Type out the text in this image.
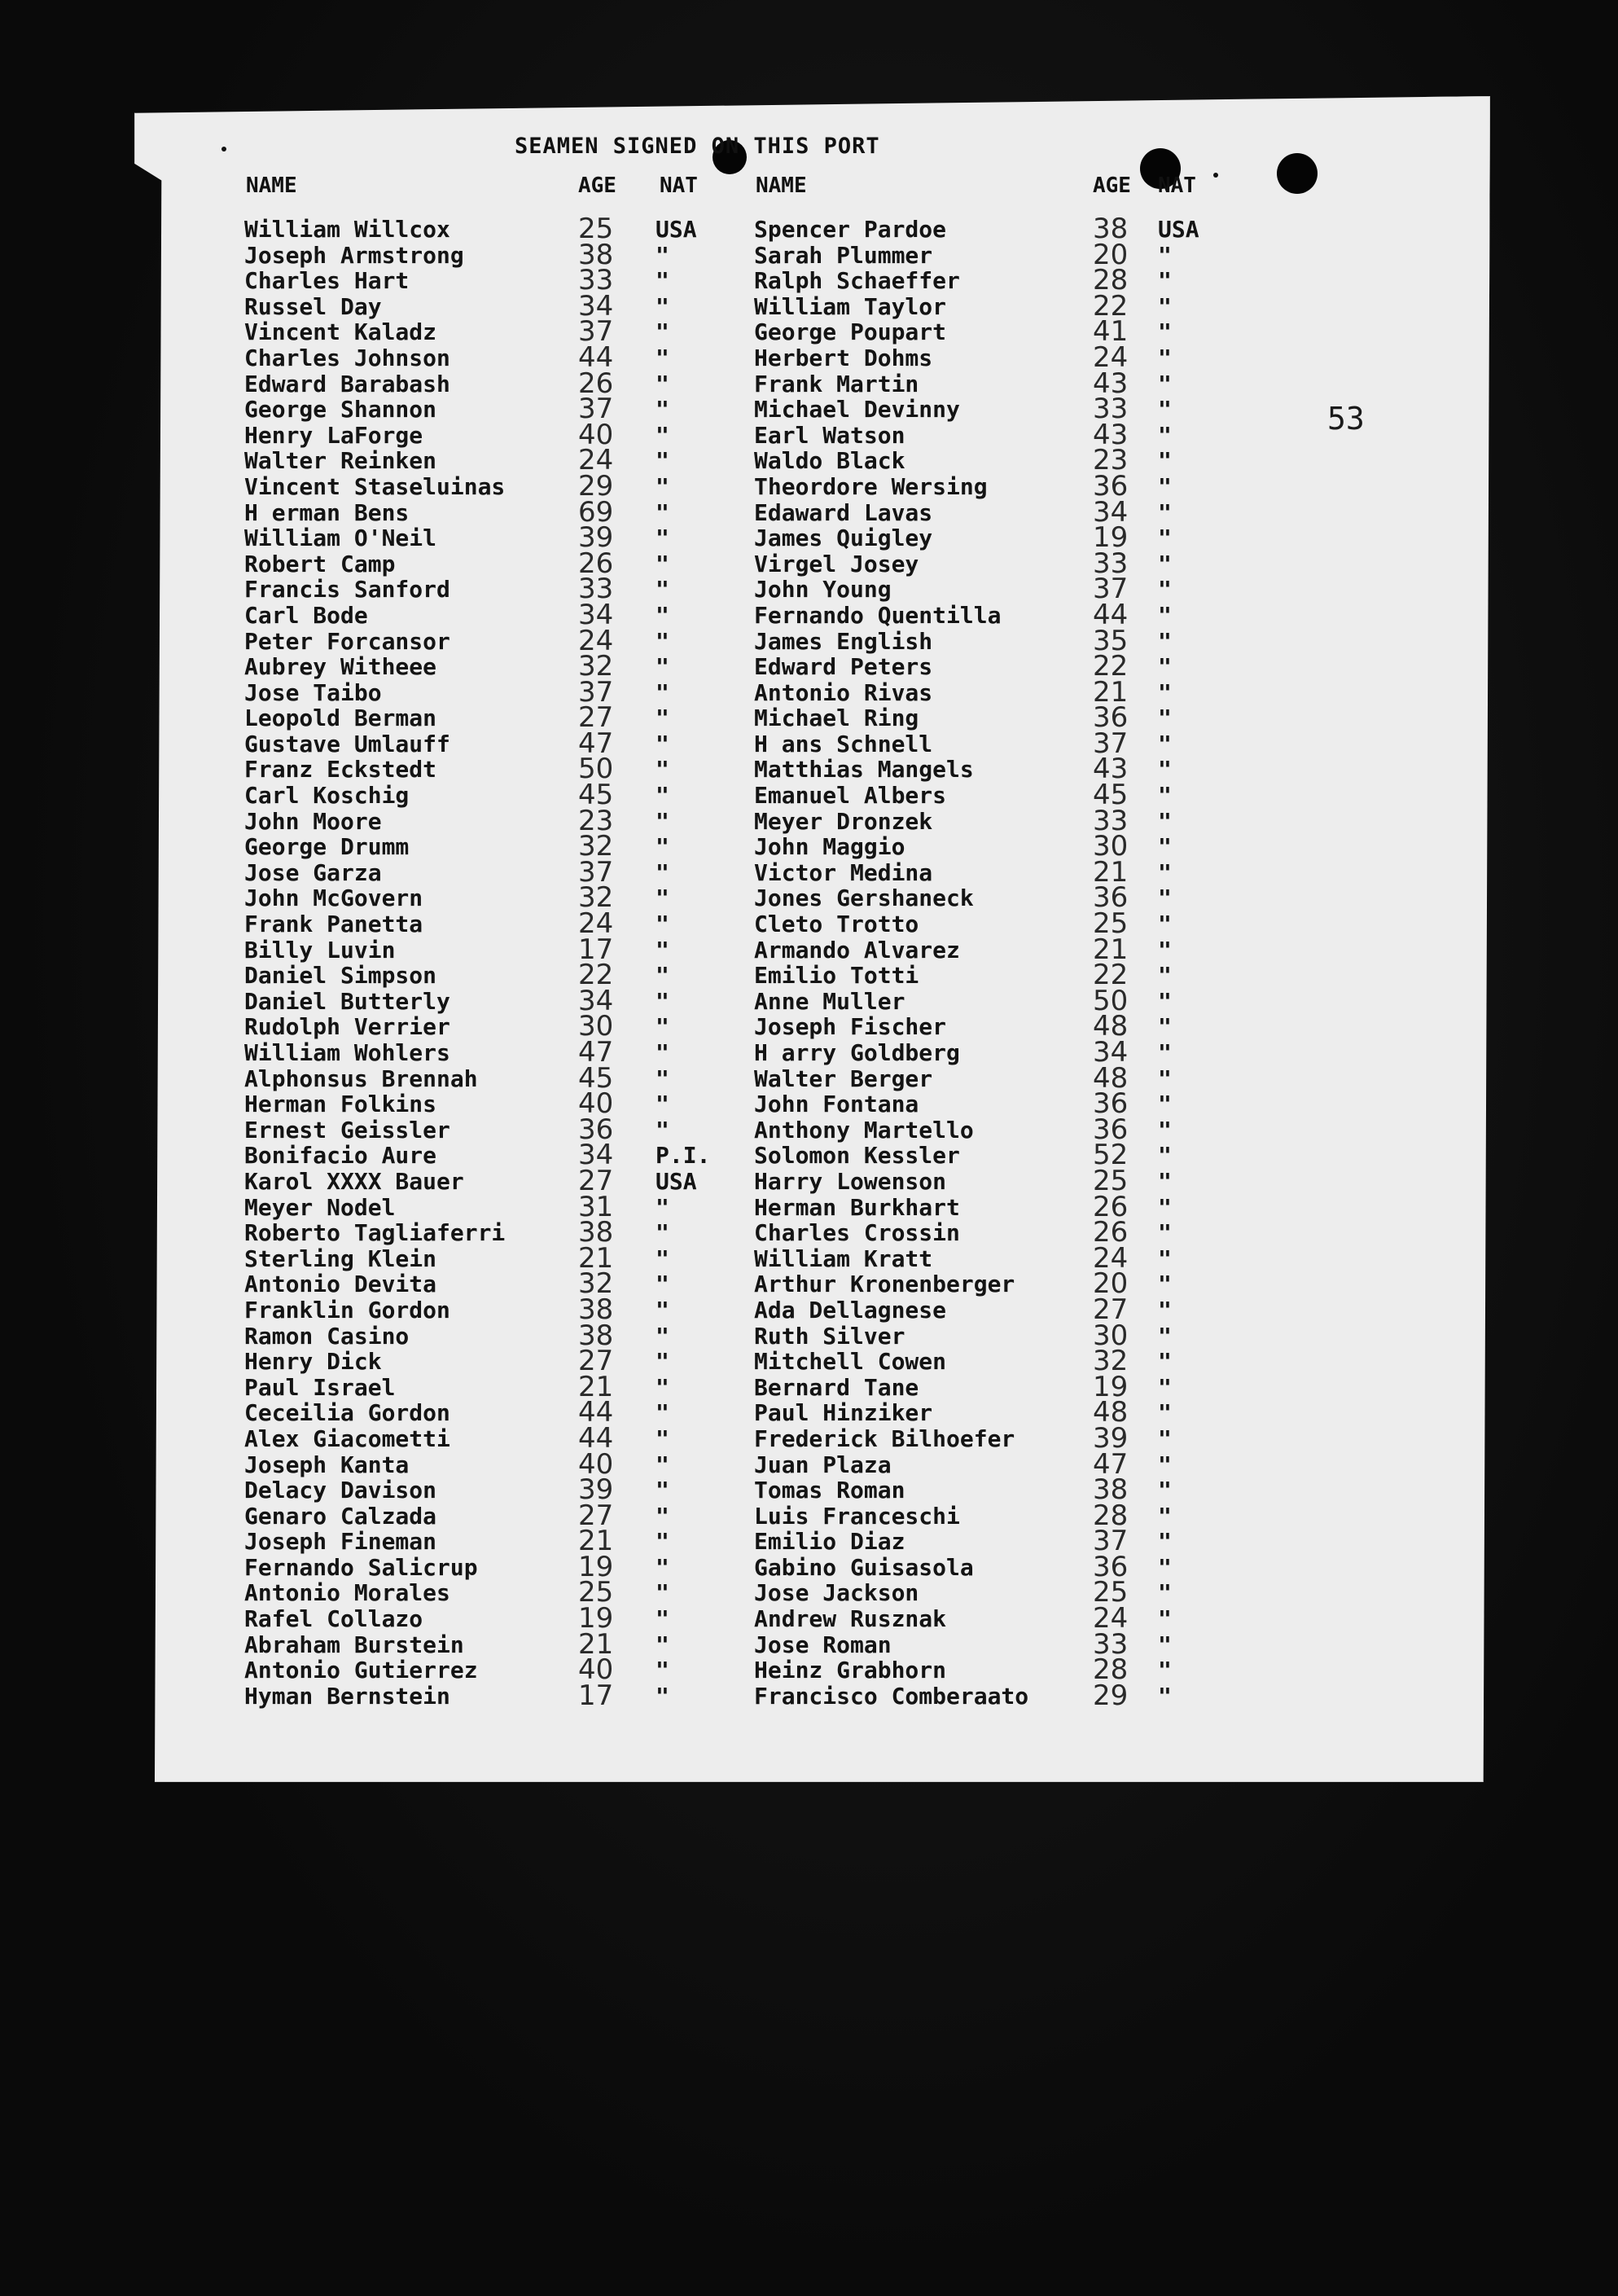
SEAMEN SIGNED ON THIS PORT
NAME	AGE NAT	NAME	AGE NAT
53
William Willcox	25 USA
Joseph Armstrong	38 "
Charles Hart	33 "
Russel Day	34 "
Vincent Kaladz	37 "
Charles Johnson	44 "
Edward Barabash	26 "
George Shannon	37 "
Henry LaForge	40 "
Walter Reinken	24 "
Vincent Staseluinas	29 "
H erman Bens	69 "
William O'Neil	39 "
Robert Camp	26 "
Francis Sanford	33 "
Carl Bode	34 "
Peter Forcansor	24 "
Aubrey Witheee	32 "
Jose Taibo	37 "
Leopold Berman	27 "
Gustave Umlauff	47 "
Franz Eckstedt	50 "
Carl Koschig	45 "
John Moore	23 "
George Drumm	32 "
Jose Garza	37 "
John McGovern	32 "
Frank Panetta	24 "
Billy Luvin	17 "
Daniel Simpson	22 "
Daniel Butterly	34 "
Rudolph Verrier	30 "
William Wohlers	47 "
Alphonsus Brennah	45 "
Herman Folkins	40 "
Ernest Geissler	36 "
Bonifacio Aure	34 P.I.
Karol XXXX Bauer	27 USA
Meyer Nodel	31 "
Roberto Tagliaferri	38 "
Sterling Klein	21 "
Antonio Devita	32 "
Franklin Gordon	38 "
Ramon Casino	38 "
Henry Dick	27 "
Paul Israel	21 "
Ceceilia Gordon	44 "
Alex Giacometti	44 "
Joseph Kanta	40 "
Delacy Davison	39 "
Genaro Calzada	27 "
Joseph Fineman	21 "
Fernando Salicrup	19 "
Antonio Morales	25 "
Rafel Collazo	19 "
Abraham Burstein	21 "
Antonio Gutierrez	40 "
Hyman Bernstein	17 "
Spencer Pardoe	38 USA
Sarah Plummer	20 "
Ralph Schaeffer	28 "
William Taylor	22 "
George Poupart	41 "
Herbert Dohms	24 "
Frank Martin	43 "
Michael Devinny	33 "
Earl Watson	43 "
Waldo Black	23 "
Theordore Wersing	36 "
Edaward Lavas	34 "
James Quigley	19 "
Virgel Josey	33 "
John Young	37 "
Fernando Quentilla	44 "
James English	35 "
Edward Peters	22 "
Antonio Rivas	21 "
Michael Ring	36 "
H ans Schnell	37 "
Matthias Mangels	43 "
Emanuel Albers	45 "
Meyer Dronzek	33 "
John Maggio	30 "
Victor Medina	21 "
Jones Gershaneck	36 "
Cleto Trotto	25 "
Armando Alvarez	21 "
Emilio Totti	22 "
Anne Muller	50 "
Joseph Fischer	48 "
H arry Goldberg	34 "
Walter Berger	48 "
John Fontana	36 "
Anthony Martello	36 "
Solomon Kessler	52 "
Harry Lowenson	25 "
Herman Burkhart	26 "
Charles Crossin	26 "
William Kratt	24 "
Arthur Kronenberger	20 "
Ada Dellagnese	27 "
Ruth Silver	30 "
Mitchell Cowen	32 "
Bernard Tane	19 "
Paul Hinziker	48 "
Frederick Bilhoefer	39 "
Juan Plaza	47 "
Tomas Roman	38 "
Luis Franceschi	28 "
Emilio Diaz	37 "
Gabino Guisasola	36 "
Jose Jackson	25 "
Andrew Rusznak	24 "
Jose Roman	33 "
Heinz Grabhorn	28 "
Francisco Comberaato 29 "
